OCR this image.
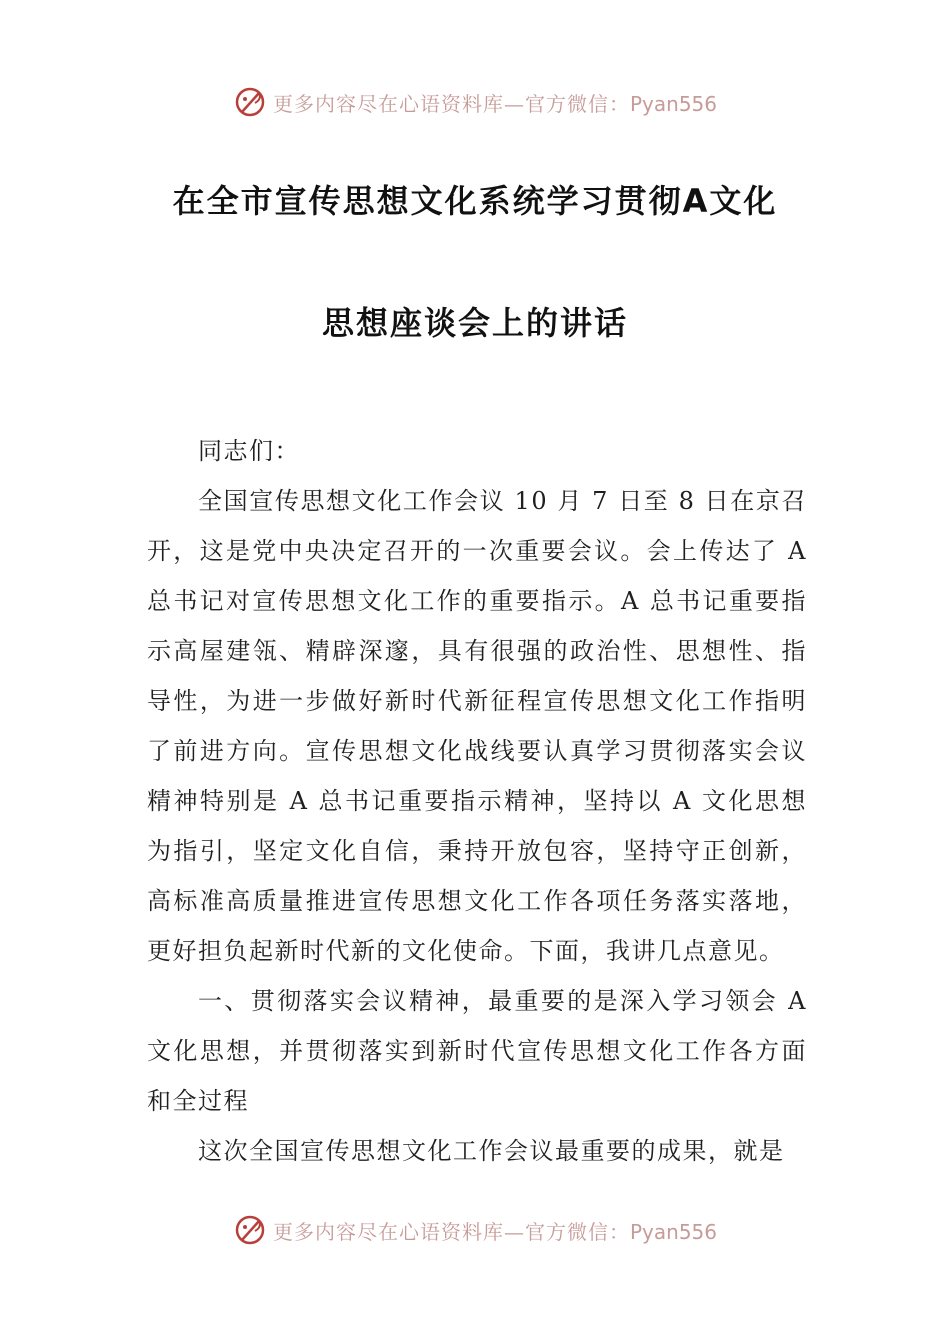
更多内容尽在心语资料库—官方微信：Pyan556
在全市宣传思想文化系统学习贯彻A文化
思想座谈会上的讲话

同志们：

全国宣传思想文化工作会议 10 月 7 日至 8 日在京召开，这是党中央决定召开的一次重要会议。会上传达了 A 总书记对宣传思想文化工作的重要指示。A 总书记重要指示高屋建瓴、精辟深邃，具有很强的政治性、思想性、指导性，为进一步做好新时代新征程宣传思想文化工作指明了前进方向。宣传思想文化战线要认真学习贯彻落实会议精神特别是 A 总书记重要指示精神，坚持以 A 文化思想为指引，坚定文化自信，秉持开放包容，坚持守正创新，高标准高质量推进宣传思想文化工作各项任务落实落地，更好担负起新时代新的文化使命。下面，我讲几点意见。

一、贯彻落实会议精神，最重要的是深入学习领会 A 文化思想，并贯彻落实到新时代宣传思想文化工作各方面和全过程

这次全国宣传思想文化工作会议最重要的成果，就是

更多内容尽在心语资料库—官方微信：Pyan556
